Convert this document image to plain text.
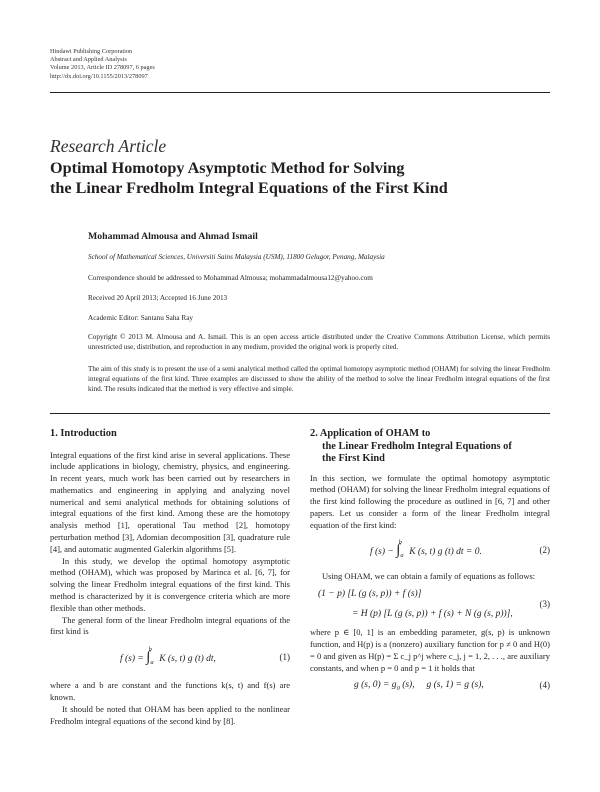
Hindawi Publishing Corporation
Abstract and Applied Analysis
Volume 2013, Article ID 278097, 6 pages
http://dx.doi.org/10.1155/2013/278097
Research Article
Optimal Homotopy Asymptotic Method for Solving
the Linear Fredholm Integral Equations of the First Kind
Mohammad Almousa and Ahmad Ismail
School of Mathematical Sciences, Universiti Sains Malaysia (USM), 11800 Gelugor, Penang, Malaysia
Correspondence should be addressed to Mohammad Almousa; mohammadalmousa12@yahoo.com
Received 20 April 2013; Accepted 16 June 2013
Academic Editor: Santanu Saha Ray
Copyright © 2013 M. Almousa and A. Ismail. This is an open access article distributed under the Creative Commons Attribution License, which permits unrestricted use, distribution, and reproduction in any medium, provided the original work is properly cited.
The aim of this study is to present the use of a semi analytical method called the optimal homotopy asymptotic method (OHAM) for solving the linear Fredholm integral equations of the first kind. Three examples are discussed to show the ability of the method to solve the linear Fredholm integral equations of the first kind. The results indicated that the method is very effective and simple.
1. Introduction

Integral equations of the first kind arise in several applications. These include applications in biology, chemistry, physics, and engineering. In recent years, much work has been carried out by researchers in mathematics and engineering in applying and analyzing novel numerical and semi analytical methods for obtaining solutions of integral equations of the first kind. Among these are the homotopy analysis method [1], operational Tau method [2], homotopy perturbation method [3], Adomian decomposition [3], quadrature rule [4], and automatic augmented Galerkin algorithms [5].

In this study, we develop the optimal homotopy asymptotic method (OHAM), which was proposed by Marinca et al. [6, 7], for solving the linear Fredholm integral equations of the first kind. This method is characterized by it is convergence criteria which are more flexible than other methods.

The general form of the linear Fredholm integral equations of the first kind is

f $(s) = \int_a^b$ K (s, t) g (t) dt,	(1)

where a and b are constant and the functions k(s, t) and f(s) are known.

It should be noted that OHAM has been applied to the nonlinear Fredholm integral equations of the second kind by [8].

2. Application of OHAM to
the Linear Fredholm Integral Equations of
the First Kind

In this section, we formulate the optimal homotopy asymptotic method (OHAM) for solving the linear Fredholm integral equations of the first kind following the procedure as outlined in [6, 7] and other papers. Let us consider a form of the linear Fredholm integral equation of the first kind:

f $(s) - \int_a^b$ K (s, t) g (t) dt = 0.	(2)

Using OHAM, we can obtain a family of equations as follows:

(1 − p) [L (g (s, p)) + f (s)]
= H (p) [L (g (s, p)) + f (s) + N (g (s, p))],
(3)

where p ∈ [0, 1] is an embedding parameter, g(s, p) is unknown function, and H(p) is a (nonzero) auxiliary function for p ≠ 0 and H(0) = 0 and given as H(p) = Σ c_j p^j where c_j, j = 1, 2, . . ., are auxiliary constants, and when p = 0 and p = 1 it holds that

g (s, $0) = g_0$ (s),     g (s, 1) = g (s),	(4)
